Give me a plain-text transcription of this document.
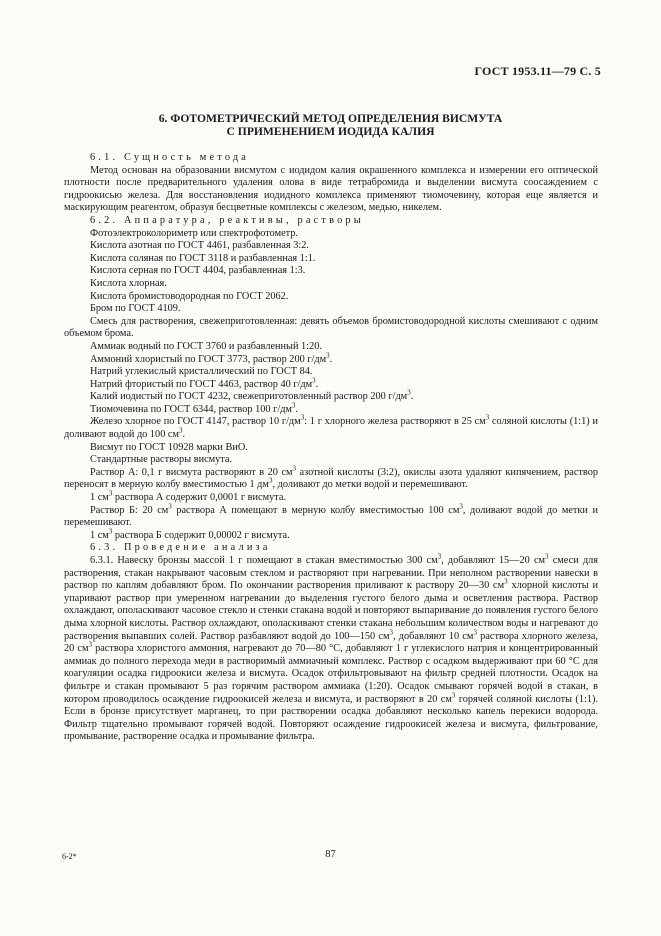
ГОСТ 1953.11—79 С. 5
6. ФОТОМЕТРИЧЕСКИЙ МЕТОД ОПРЕДЕЛЕНИЯ ВИСМУТА
С ПРИМЕНЕНИЕМ ИОДИДА КАЛИЯ

6.1. Сущность метода

Метод основан на образовании висмутом с иодидом калия окрашенного комплекса и измерении его оптической плотности после предварительного удаления олова в виде тетрабромида и выделении висмута соосаждением с гидроокисью железа. Для восстановления иодидного комплекса применяют тиомочевину, которая еще является и маскирующим реагентом, образуя бесцветные комплексы с железом, медью, никелем.

6.2. Аппаратура, реактивы, растворы

Фотоэлектроколориметр или спектрофотометр.

Кислота азотная по ГОСТ 4461, разбавленная 3:2.

Кислота соляная по ГОСТ 3118 и разбавленная 1:1.

Кислота серная по ГОСТ 4404, разбавленная 1:3.

Кислота хлорная.

Кислота бромистоводородная по ГОСТ 2062.

Бром по ГОСТ 4109.

Смесь для растворения, свежеприготовленная: девять объемов бромистоводородной кислоты смешивают с одним объемом брома.

Аммиак водный по ГОСТ 3760 и разбавленный 1:20.

Аммоний хлористый по ГОСТ 3773, раствор 200 $г/дм^3$.

Натрий углекислый кристаллический по ГОСТ 84.

Натрий фтористый по ГОСТ 4463, раствор 40 $г/дм^3$.

Калий иодистый по ГОСТ 4232, свежеприготовленный раствор 200 $г/дм^3$.

Тиомочевина по ГОСТ 6344, раствор 100 $г/дм^3$.

Железо хлорное по ГОСТ 4147, раствор 10 $г/дм^3$: 1 г хлорного железа растворяют в 25 $см^3$ соляной кислоты (1:1) и доливают водой до 100 $см^3$.

Висмут по ГОСТ 10928 марки ВиО.

Стандартные растворы висмута.

Раствор А: 0,1 г висмута растворяют в 20 $см^3$ азотной кислоты (3:2), окислы азота удаляют кипячением, раствор переносят в мерную колбу вместимостью 1 $дм^3$, доливают до метки водой и перемешивают.

1 $см^3$ раствора А содержит 0,0001 г висмута.

Раствор Б: 20 $см^3$ раствора А помещают в мерную колбу вместимостью 100 $см^3$, доливают водой до метки и перемешивают.

1 $см^3$ раствора Б содержит 0,00002 г висмута.

6.3. Проведение анализа

6.3.1. Навеску бронзы массой 1 г помещают в стакан вместимостью 300 $см^3$, добавляют 15—20 $см^3$ смеси для растворения, стакан накрывают часовым стеклом и растворяют при нагревании. При неполном растворении навески в раствор по каплям добавляют бром. По окончании растворения приливают к раствору 20—30 $см^3$ хлорной кислоты и упаривают раствор при умеренном нагревании до выделения густого белого дыма и осветления раствора. Раствор охлаждают, ополаскивают часовое стекло и стенки стакана водой и повторяют выпаривание до появления густого белого дыма хлорной кислоты. Раствор охлаждают, ополаскивают стенки стакана небольшим количеством воды и нагревают до растворения выпавших солей. Раствор разбавляют водой до 100—150 $см^3$, добавляют 10 $см^3$ раствора хлорного железа, 20 $см^3$ раствора хлористого аммония, нагревают до 70—80 °С, добавляют 1 г углекислого натрия и концентрированный аммиак до полного перехода меди в растворимый аммиачный комплекс. Раствор с осадком выдерживают при 60 °С для коагуляции осадка гидроокиси железа и висмута. Осадок отфильтровывают на фильтр средней плотности. Осадок на фильтре и стакан промывают 5 раз горячим раствором аммиака (1:20). Осадок смывают горячей водой в стакан, в котором проводилось осаждение гидроокисей железа и висмута, и растворяют в 20 $см^3$ горячей соляной кислоты (1:1). Если в бронзе присутствует марганец, то при растворении осадка добавляют несколько капель перекиси водорода. Фильтр тщательно промывают горячей водой. Повторяют осаждение гидроокисей железа и висмута, фильтрование, промывание, растворение осадка и промывание фильтра.

6-2*	87
